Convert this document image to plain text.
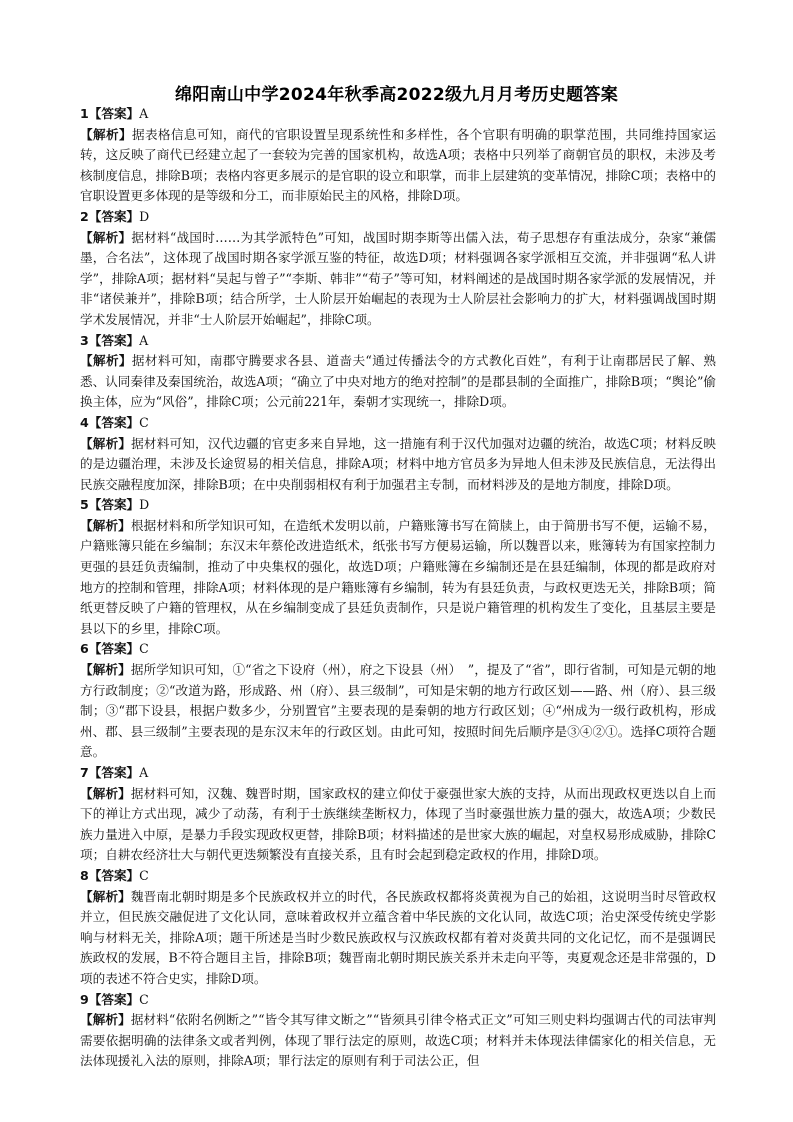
绵阳南山中学2024年秋季高2022级九月月考历史题答案

1【答案】A

【解析】据表格信息可知，商代的官职设置呈现系统性和多样性，各个官职有明确的职掌范围，共同维持国家运转，这反映了商代已经建立起了一套较为完善的国家机构，故选A项；表格中只列举了商朝官员的职权，未涉及考核制度信息，排除B项；表格内容更多展示的是官职的设立和职掌，而非上层建筑的变革情况，排除C项；表格中的官职设置更多体现的是等级和分工，而非原始民主的风格，排除D项。

2【答案】D

【解析】据材料“战国时……为其学派特色”可知，战国时期李斯等出儒入法，荀子思想存有重法成分，杂家“兼儒墨，合名法”，这体现了战国时期各家学派互鉴的特征，故选D项；材料强调各家学派相互交流，并非强调“私人讲学”，排除A项；据材料“吴起与曾子”“李斯、韩非”“荀子”等可知，材料阐述的是战国时期各家学派的发展情况，并非“诸侯兼并”，排除B项；结合所学，士人阶层开始崛起的表现为士人阶层社会影响力的扩大，材料强调战国时期学术发展情况，并非“士人阶层开始崛起”，排除C项。

3【答案】A

【解析】据材料可知，南郡守腾要求各县、道啬夫“通过传播法令的方式教化百姓”，有利于让南郡居民了解、熟悉、认同秦律及秦国统治，故选A项；“确立了中央对地方的绝对控制”的是郡县制的全面推广，排除B项；“舆论”偷换主体，应为“风俗”，排除C项；公元前221年，秦朝才实现统一，排除D项。

4【答案】C

【解析】据材料可知，汉代边疆的官吏多来自异地，这一措施有利于汉代加强对边疆的统治，故选C项；材料反映的是边疆治理，未涉及长途贸易的相关信息，排除A项；材料中地方官员多为异地人但未涉及民族信息，无法得出民族交融程度加深，排除B项；在中央削弱相权有利于加强君主专制，而材料涉及的是地方制度，排除D项。

5【答案】D

【解析】根据材料和所学知识可知，在造纸术发明以前，户籍账簿书写在简牍上，由于简册书写不便，运输不易，户籍账簿只能在乡编制；东汉末年蔡伦改进造纸术，纸张书写方便易运输，所以魏晋以来，账簿转为有国家控制力更强的县廷负责编制，推动了中央集权的强化，故选D项；户籍账簿在乡编制还是在县廷编制，体现的都是政府对地方的控制和管理，排除A项；材料体现的是户籍账簿有乡编制，转为有县廷负责，与政权更迭无关，排除B项；简纸更替反映了户籍的管理权，从在乡编制变成了县廷负责制作，只是说户籍管理的机构发生了变化，且基层主要是县以下的乡里，排除C项。

6【答案】C

【解析】据所学知识可知，①“省之下设府（州），府之下设县（州）　”，提及了“省”，即行省制，可知是元朝的地方行政制度；②“改道为路，形成路、州（府）、县三级制”，可知是宋朝的地方行政区划——路、州（府）、县三级制；③“郡下设县，根据户数多少，分别置官”主要表现的是秦朝的地方行政区划；④“州成为一级行政机构，形成州、郡、县三级制”主要表现的是东汉末年的行政区划。由此可知，按照时间先后顺序是③④②①。选择C项符合题意。

7【答案】A

【解析】据材料可知，汉魏、魏晋时期，国家政权的建立仰仗于豪强世家大族的支持，从而出现政权更迭以自上而下的禅让方式出现，减少了动荡，有利于士族继续垄断权力，体现了当时豪强世族力量的强大，故选A项；少数民族力量进入中原，是暴力手段实现政权更替，排除B项；材料描述的是世家大族的崛起，对皇权易形成威胁，排除C项；自耕农经济壮大与朝代更迭频繁没有直接关系，且有时会起到稳定政权的作用，排除D项。

8【答案】C

【解析】魏晋南北朝时期是多个民族政权并立的时代，各民族政权都将炎黄视为自己的始祖，这说明当时尽管政权并立，但民族交融促进了文化认同，意味着政权并立蕴含着中华民族的文化认同，故选C项；治史深受传统史学影响与材料无关，排除A项；题干所述是当时少数民族政权与汉族政权都有着对炎黄共同的文化记忆，而不是强调民族政权的发展，B不符合题目主旨，排除B项；魏晋南北朝时期民族关系并未走向平等，夷夏观念还是非常强的，D项的表述不符合史实，排除D项。

9【答案】C

【解析】据材料“依附名例断之”“皆令其写律文断之”“皆须具引律令格式正文”可知三则史料均强调古代的司法审判需要依据明确的法律条文或者判例，体现了罪行法定的原则，故选C项；材料并未体现法律儒家化的相关信息，无法体现援礼入法的原则，排除A项；罪行法定的原则有利于司法公正，但
